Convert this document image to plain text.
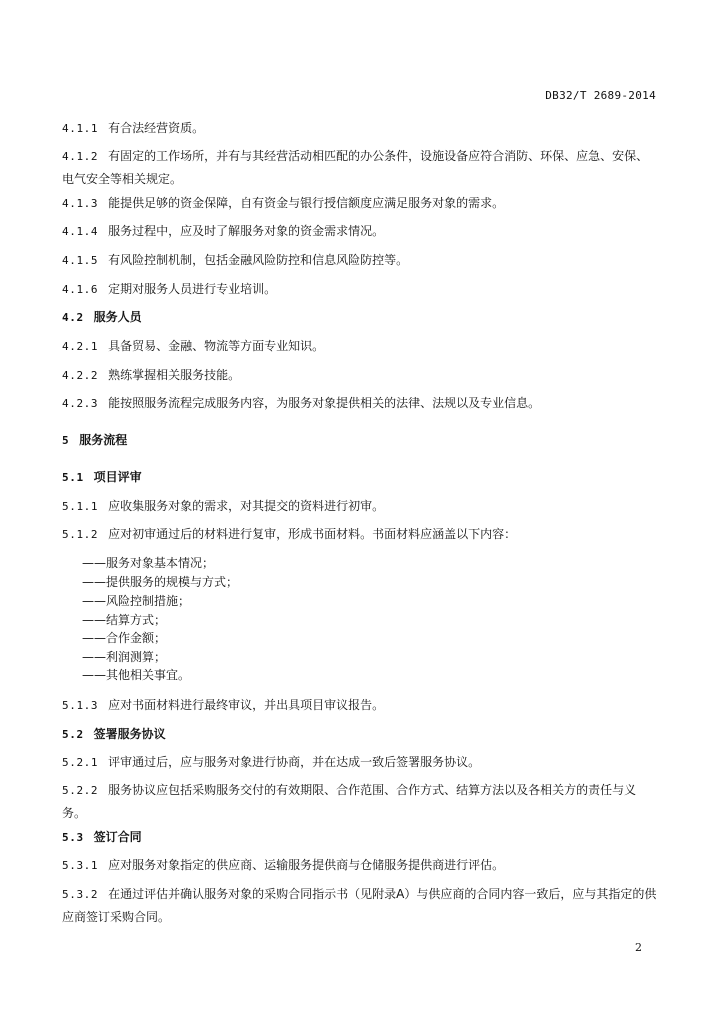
DB32/T 2689-2014
4.1.1 有合法经营资质。
4.1.2 有固定的工作场所，并有与其经营活动相匹配的办公条件，设施设备应符合消防、环保、应急、安保、电气安全等相关规定。
4.1.3 能提供足够的资金保障，自有资金与银行授信额度应满足服务对象的需求。
4.1.4 服务过程中，应及时了解服务对象的资金需求情况。
4.1.5 有风险控制机制，包括金融风险防控和信息风险防控等。
4.1.6 定期对服务人员进行专业培训。
4.2 服务人员
4.2.1 具备贸易、金融、物流等方面专业知识。
4.2.2 熟练掌握相关服务技能。
4.2.3 能按照服务流程完成服务内容，为服务对象提供相关的法律、法规以及专业信息。
5 服务流程
5.1 项目评审
5.1.1 应收集服务对象的需求，对其提交的资料进行初审。
5.1.2 应对初审通过后的材料进行复审，形成书面材料。书面材料应涵盖以下内容：
——服务对象基本情况；
——提供服务的规模与方式；
——风险控制措施；
——结算方式；
——合作金额；
——利润测算；
——其他相关事宜。
5.1.3 应对书面材料进行最终审议，并出具项目审议报告。
5.2 签署服务协议
5.2.1 评审通过后，应与服务对象进行协商，并在达成一致后签署服务协议。
5.2.2 服务协议应包括采购服务交付的有效期限、合作范围、合作方式、结算方法以及各相关方的责任与义务。
5.3 签订合同
5.3.1 应对服务对象指定的供应商、运输服务提供商与仓储服务提供商进行评估。
5.3.2 在通过评估并确认服务对象的采购合同指示书（见附录A）与供应商的合同内容一致后，应与其指定的供应商签订采购合同。
2
